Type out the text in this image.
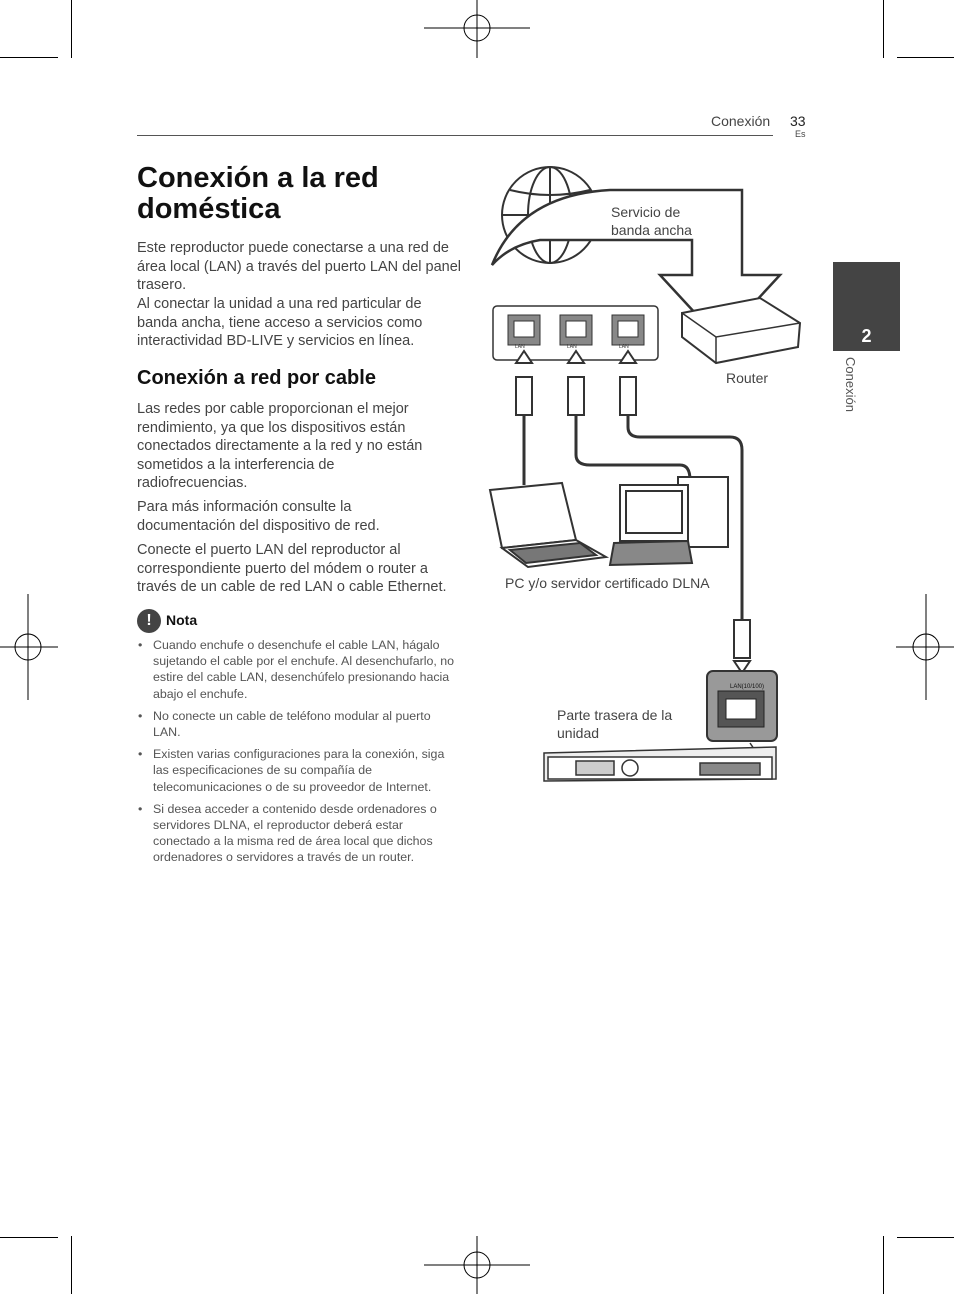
Conexión 33
Es
2
Conexión
Conexión a la red doméstica

Este reproductor puede conectarse a una red de área local (LAN) a través del puerto LAN del panel trasero.

Al conectar la unidad a una red particular de banda ancha, tiene acceso a servicios como interactividad BD-LIVE y servicios en línea.

Conexión a red por cable

Las redes por cable proporcionan el mejor rendimiento, ya que los dispositivos están conectados directamente a la red y no están sometidos a la interferencia de radiofrecuencias.

Para más información consulte la documentación del dispositivo de red.

Conecte el puerto LAN del reproductor al correspondiente puerto del módem o router a través de un cable de red LAN o cable Ethernet.

!	Nota
• Cuando enchufe o desenchufe el cable LAN, hágalo sujetando el cable por el enchufe. Al desenchufarlo, no estire del cable LAN, desenchúfelo presionando hacia abajo el enchufe.
• No conecte un cable de teléfono modular al puerto LAN.
• Existen varias configuraciones para la conexión, siga las especificaciones de su compañía de telecomunicaciones o de su proveedor de Internet.
• Si desea acceder a contenido desde ordenadores o servidores DLNA, el reproductor deberá estar conectado a la misma red de área local que dichos ordenadores o servidores a través de un router.
Servicio de banda ancha
Router
PC y/o servidor certificado DLNA
Parte trasera de la unidad
LAN	LAN	LAN
LAN(10/100)
